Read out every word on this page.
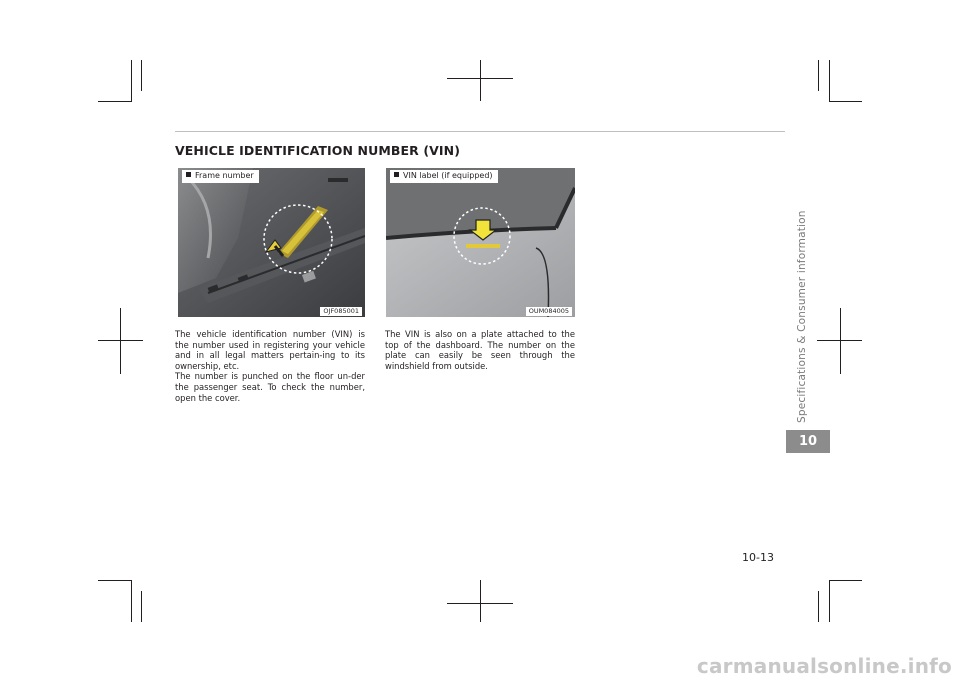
VEHICLE IDENTIFICATION NUMBER (VIN)
Frame number
OJF085001
VIN label (if equipped)
OUM084005

The vehicle identification number (VIN) is the number used in registering your vehicle and in all legal matters pertain-ing to its ownership, etc.

The number is punched on the floor un-der the passenger seat. To check the number, open the cover.

The VIN is also on a plate attached to the top of the dashboard. The number on the plate can easily be seen through the windshield from outside.	Specifications & Consumer information
10
10-13
carmanualsonline.info
